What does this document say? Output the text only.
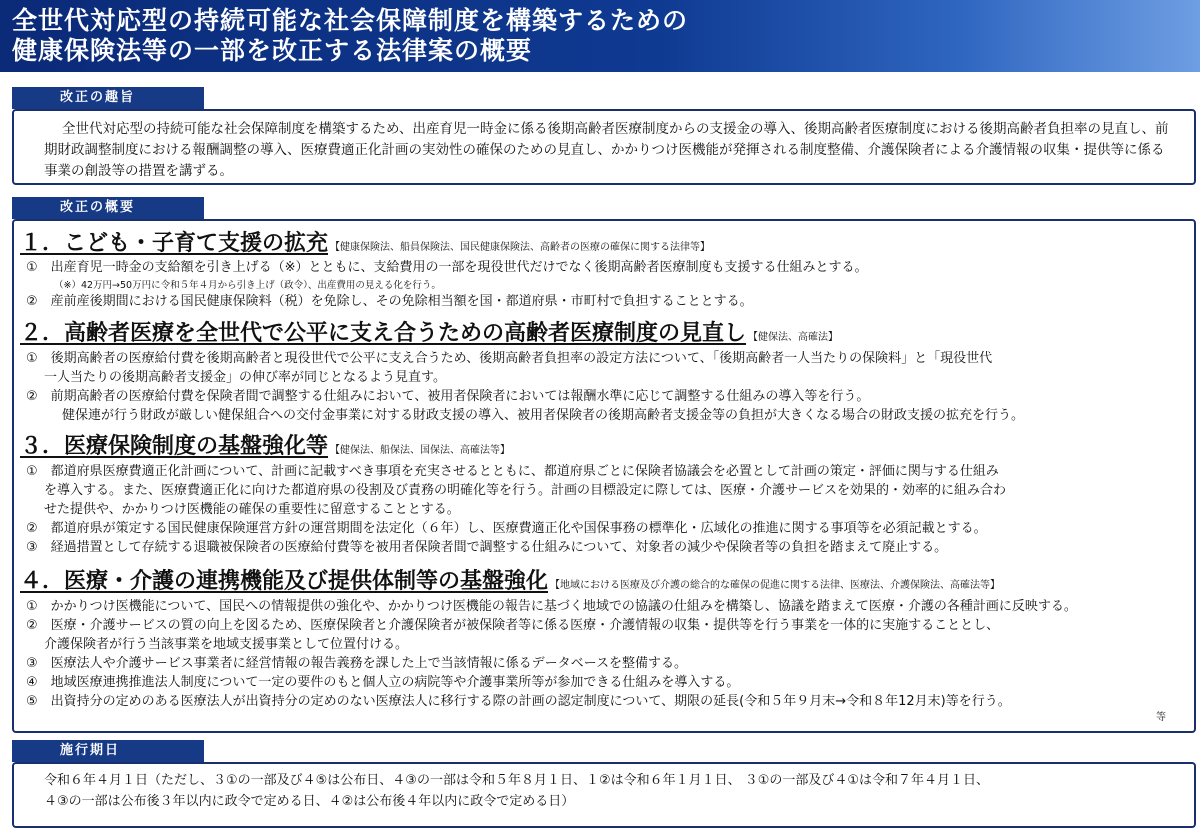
全世代対応型の持続可能な社会保障制度を構築するための
健康保険法等の一部を改正する法律案の概要
改正の趣旨

全世代対応型の持続可能な社会保障制度を構築するため、出産育児一時金に係る後期高齢者医療制度からの支援金の導入、後期高齢者医療制度における後期高齢者負担率の見直し、前期財政調整制度における報酬調整の導入、医療費適正化計画の実効性の確保のための見直し、かかりつけ医機能が発揮される制度整備、介護保険者による介護情報の収集・提供等に係る事業の創設等の措置を講ずる。

改正の概要
１．こども・子育て支援の拡充 【健康保険法、船員保険法、国民健康保険法、高齢者の医療の確保に関する法律等】
①　出産育児一時金の支給額を引き上げる（※）とともに、支給費用の一部を現役世代だけでなく後期高齢者医療制度も支援する仕組みとする。
（※）42万円→50万円に令和５年４月から引き上げ（政令）、出産費用の見える化を行う。
②　産前産後期間における国民健康保険料（税）を免除し、その免除相当額を国・都道府県・市町村で負担することとする。
２．高齢者医療を全世代で公平に支え合うための高齢者医療制度の見直し 【健保法、高確法】
①　後期高齢者の医療給付費を後期高齢者と現役世代で公平に支え合うため、後期高齢者負担率の設定方法について、「後期高齢者一人当たりの保険料」と「現役世代
一人当たりの後期高齢者支援金」の伸び率が同じとなるよう見直す。
②　前期高齢者の医療給付費を保険者間で調整する仕組みにおいて、被用者保険者においては報酬水準に応じて調整する仕組みの導入等を行う。
健保連が行う財政が厳しい健保組合への交付金事業に対する財政支援の導入、被用者保険者の後期高齢者支援金等の負担が大きくなる場合の財政支援の拡充を行う。
３．医療保険制度の基盤強化等 【健保法、船保法、国保法、高確法等】
①　都道府県医療費適正化計画について、計画に記載すべき事項を充実させるとともに、都道府県ごとに保険者協議会を必置として計画の策定・評価に関与する仕組み
を導入する。また、医療費適正化に向けた都道府県の役割及び責務の明確化等を行う。計画の目標設定に際しては、医療・介護サービスを効果的・効率的に組み合わ
せた提供や、かかりつけ医機能の確保の重要性に留意することとする。
②　都道府県が策定する国民健康保険運営方針の運営期間を法定化（６年）し、医療費適正化や国保事務の標準化・広域化の推進に関する事項等を必須記載とする。
③　経過措置として存続する退職被保険者の医療給付費等を被用者保険者間で調整する仕組みについて、対象者の減少や保険者等の負担を踏まえて廃止する。
４．医療・介護の連携機能及び提供体制等の基盤強化 【地域における医療及び介護の総合的な確保の促進に関する法律、医療法、介護保険法、高確法等】
①　かかりつけ医機能について、国民への情報提供の強化や、かかりつけ医機能の報告に基づく地域での協議の仕組みを構築し、協議を踏まえて医療・介護の各種計画に反映する。
②　医療・介護サービスの質の向上を図るため、医療保険者と介護保険者が被保険者等に係る医療・介護情報の収集・提供等を行う事業を一体的に実施することとし、
介護保険者が行う当該事業を地域支援事業として位置付ける。
③　医療法人や介護サービス事業者に経営情報の報告義務を課した上で当該情報に係るデータベースを整備する。
④　地域医療連携推進法人制度について一定の要件のもと個人立の病院等や介護事業所等が参加できる仕組みを導入する。
⑤　出資持分の定めのある医療法人が出資持分の定めのない医療法人に移行する際の計画の認定制度について、期限の延長(令和５年９月末→令和８年12月末)等を行う。
等
施行期日
令和６年４月１日（ただし、３①の一部及び４⑤は公布日、４③の一部は令和５年８月１日、１②は令和６年１月１日、 ３①の一部及び４①は令和７年４月１日、
４③の一部は公布後３年以内に政令で定める日、４②は公布後４年以内に政令で定める日）
